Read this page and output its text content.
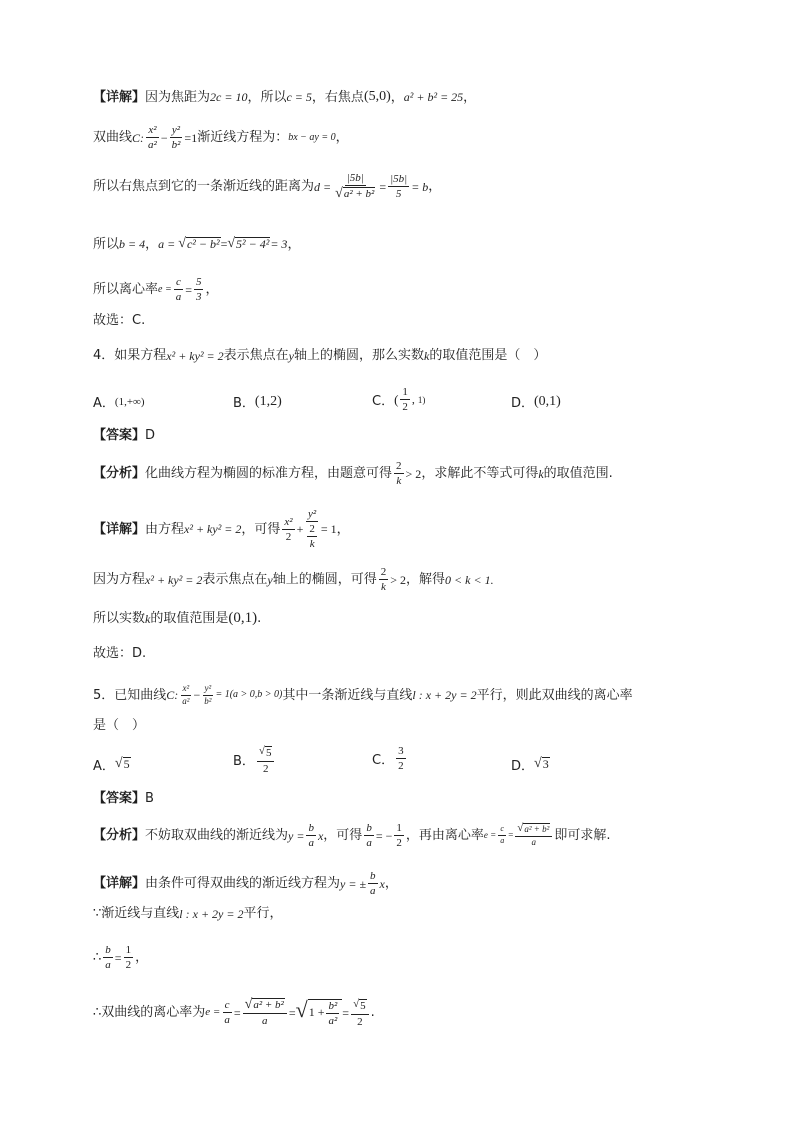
【详解】 因为焦距为 2c = 10 ，所以 c = 5 ，右焦点 (5,0) ， a² + b² = 25 ，
双曲线 C: $\frac{\text{x²}}{\text{a²}} - \frac{\text{y²}}{\text{b²}} =1$ 渐近线方程为： bx − ay = 0 ，
所以右焦点到它的一条渐近线的距离为 $d = \frac{|5b|}{\text{√ a² + b²}} = \frac{|5b|}{5} = b$ ，
所以 b = 4 ， a = √ c² − b² = √ 5² − 4² = 3 ，
所以离心率 $e = \frac{c}{a} = \frac{5}{3}$ ，
故选：C.
4．如果方程 x² + ky² = 2 表示焦点在 y 轴上的椭圆，那么实数 k 的取值范围是（　）
A． (1,+∞)	B． (1,2)	C． ( $\frac{1}{2}$ , 1)	D． (0,1)
【答案】 D
【分析】 化曲线方程为椭圆的标准方程，由题意可得 $\frac{2}{k} > 2$ ，求解此不等式可得 k 的取值范围.
【详解】 由方程 x² + ky² = 2 ，可得 $\frac{\text{x²}}{2} + \frac{\text{y²}}{\frac{2}{k}} = 1$ ，
因为方程 x² + ky² = 2 表示焦点在 y 轴上的椭圆，可得 $\frac{2}{k} > 2$ ，解得 0 < k < 1.
所以实数 k 的取值范围是 (0,1) .
故选：D.
5．已知曲线 C: $\frac{\text{x²}}{\text{a²}} - \frac{\text{y²}}{\text{b²}} = 1(a > 0,b > 0)$ 其中一条渐近线与直线 l : x + 2y = 2 平行，则此双曲线的离心率
是（　）
A． √ 5	B． $\frac{√ 5}{2}$	C． $\frac{3}{2}$	D． √ 3
【答案】 B
【分析】 不妨取双曲线的渐近线为 $y = \frac{b}{a}$ x ，可得 $\frac{b}{a}$ = − $\frac{1}{2}$ ，再由离心率 $e = \frac{c}{a} = \frac{\text{√ a² + b²}}{a}$ 即可求解.
【详解】 由条件可得双曲线的渐近线方程为 y = ± $\frac{b}{a}$ x ，
∵渐近线与直线 l : x + 2y = 2 平行，
∴ $\frac{b}{a} = \frac{1}{2}$ ，
∴双曲线的离心率为 $e = \frac{c}{a} = \frac{\text{√ a² + b²}}{a}$ = √ $1 + \frac{\text{b²}}{\text{a²}} = \frac{√ 5}{2}$ .
